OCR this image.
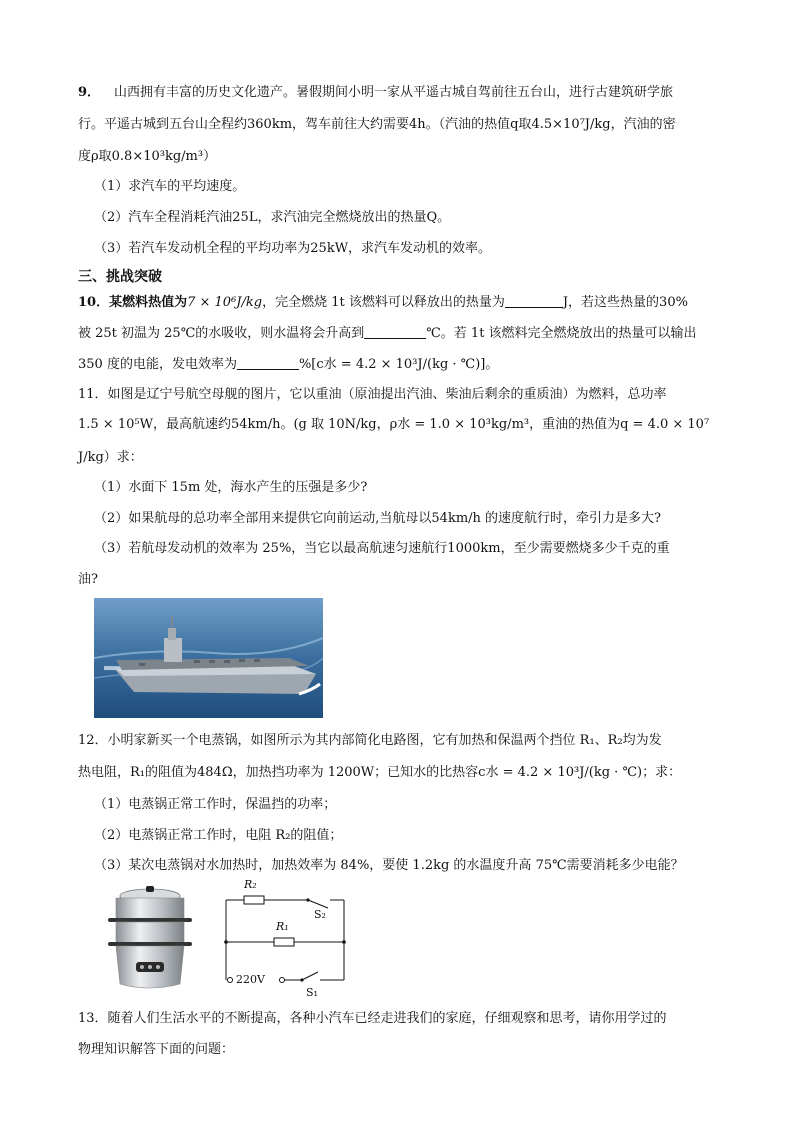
9． 山西拥有丰富的历史文化遗产。暑假期间小明一家从平遥古城自驾前往五台山，进行古建筑研学旅
行。平遥古城到五台山全程约360km，驾车前往大约需要4h。（汽油的热值q取4.5×10⁷J/kg，汽油的密
度ρ取0.8×10³kg/m³）
（1）求汽车的平均速度。
（2）汽车全程消耗汽油25L，求汽油完全燃烧放出的热量Q。
（3）若汽车发动机全程的平均功率为25kW，求汽车发动机的效率。
三、挑战突破
10．某燃料热值为7 × 10⁶J/kg，完全燃烧 1t 该燃料可以释放出的热量为	J，若这些热量的30%
被 25t 初温为 25℃的水吸收，则水温将会升高到	℃。若 1t 该燃料完全燃烧放出的热量可以输出
350 度的电能，发电效率为	%[c水 = 4.2 × 10³J/(kg · ℃)]。
11．如图是辽宁号航空母舰的图片，它以重油（原油提出汽油、柴油后剩余的重质油）为燃料，总功率
1.5 × 10⁵W，最高航速约54km/h。(g 取 10N/kg，ρ水 = 1.0 × 10³kg/m³，重油的热值为q = 4.0 × 10⁷
J/kg）求：
（1）水面下 15m 处，海水产生的压强是多少?
（2）如果航母的总功率全部用来提供它向前运动,当航母以54km/h 的速度航行时，牵引力是多大?
（3）若航母发动机的效率为 25%，当它以最高航速匀速航行1000km，至少需要燃烧多少千克的重
油?
12．小明家新买一个电蒸锅，如图所示为其内部简化电路图，它有加热和保温两个挡位 R₁、R₂均为发
热电阻，R₁的阻值为484Ω，加热挡功率为 1200W；已知水的比热容c水 = 4.2 × 10³J/(kg · ℃)；求：
（1）电蒸锅正常工作时，保温挡的功率；
（2）电蒸锅正常工作时，电阻 R₂的阻值；
（3）某次电蒸锅对水加热时，加热效率为 84%，要使 1.2kg 的水温度升高 75℃需要消耗多少电能？
R₂
S₂
R₁
220V
S₁
13．随着人们生活水平的不断提高，各种小汽车已经走进我们的家庭，仔细观察和思考，请你用学过的
物理知识解答下面的问题：
